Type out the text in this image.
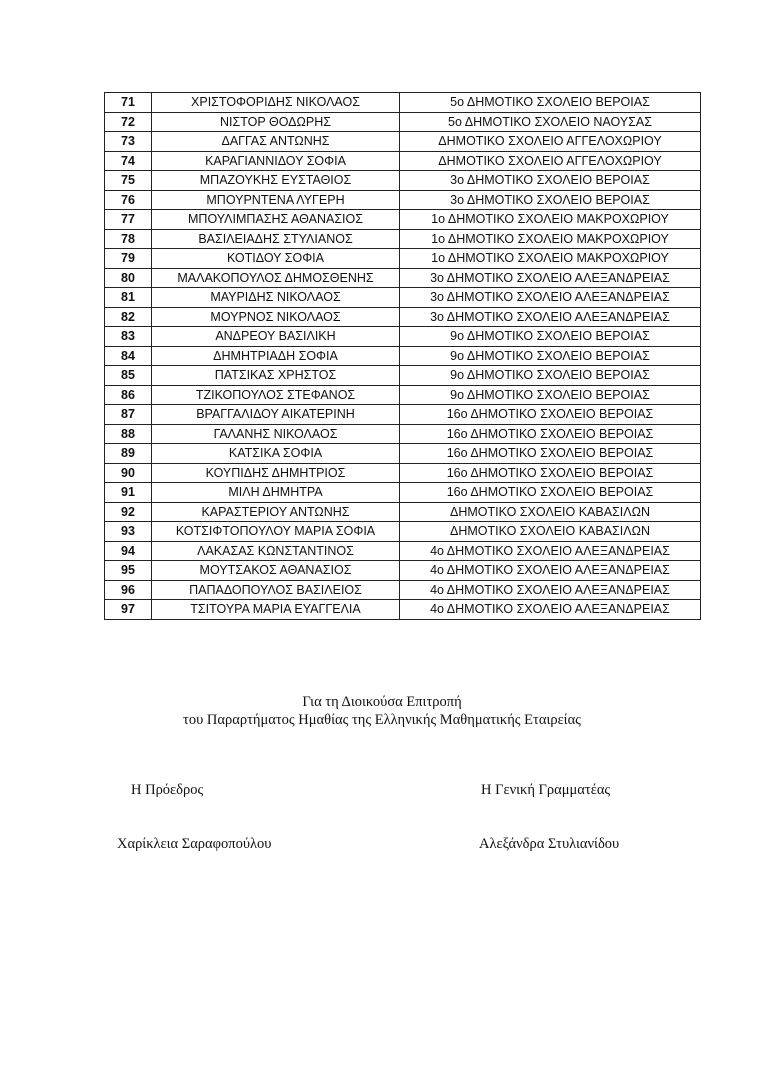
71	ΧΡΙΣΤΟΦΟΡΙΔΗΣ ΝΙΚΟΛΑΟΣ	5ο ΔΗΜΟΤΙΚΟ ΣΧΟΛΕΙΟ ΒΕΡΟΙΑΣ
72	ΝΙΣΤΟΡ ΘΟΔΩΡΗΣ	5ο ΔΗΜΟΤΙΚΟ ΣΧΟΛΕΙΟ ΝΑΟΥΣΑΣ
73	ΔΑΓΓΑΣ ΑΝΤΩΝΗΣ	ΔΗΜΟΤΙΚΟ ΣΧΟΛΕΙΟ ΑΓΓΕΛΟΧΩΡΙΟΥ
74	ΚΑΡΑΓΙΑΝΝΙΔΟΥ ΣΟΦΙΑ	ΔΗΜΟΤΙΚΟ ΣΧΟΛΕΙΟ ΑΓΓΕΛΟΧΩΡΙΟΥ
75	ΜΠΑΖΟΥΚΗΣ ΕΥΣΤΑΘΙΟΣ	3ο ΔΗΜΟΤΙΚΟ ΣΧΟΛΕΙΟ ΒΕΡΟΙΑΣ
76	ΜΠΟΥΡΝΤΕΝΑ ΛΥΓΕΡΗ	3ο ΔΗΜΟΤΙΚΟ ΣΧΟΛΕΙΟ ΒΕΡΟΙΑΣ
77	ΜΠΟΥΛΙΜΠΑΣΗΣ ΑΘΑΝΑΣΙΟΣ	1ο ΔΗΜΟΤΙΚΟ ΣΧΟΛΕΙΟ ΜΑΚΡΟΧΩΡΙΟΥ
78	ΒΑΣΙΛΕΙΑΔΗΣ ΣΤΥΛΙΑΝΟΣ	1ο ΔΗΜΟΤΙΚΟ ΣΧΟΛΕΙΟ ΜΑΚΡΟΧΩΡΙΟΥ
79	ΚΟΤΙΔΟΥ ΣΟΦΙΑ	1ο ΔΗΜΟΤΙΚΟ ΣΧΟΛΕΙΟ ΜΑΚΡΟΧΩΡΙΟΥ
80	ΜΑΛΑΚΟΠΟΥΛΟΣ ΔΗΜΟΣΘΕΝΗΣ	3ο ΔΗΜΟΤΙΚΟ ΣΧΟΛΕΙΟ ΑΛΕΞΑΝΔΡΕΙΑΣ
81	ΜΑΥΡΙΔΗΣ ΝΙΚΟΛΑΟΣ	3ο ΔΗΜΟΤΙΚΟ ΣΧΟΛΕΙΟ ΑΛΕΞΑΝΔΡΕΙΑΣ
82	ΜΟΥΡΝΟΣ ΝΙΚΟΛΑΟΣ	3ο ΔΗΜΟΤΙΚΟ ΣΧΟΛΕΙΟ ΑΛΕΞΑΝΔΡΕΙΑΣ
83	ΑΝΔΡΕΟΥ ΒΑΣΙΛΙΚΗ	9ο ΔΗΜΟΤΙΚΟ ΣΧΟΛΕΙΟ ΒΕΡΟΙΑΣ
84	ΔΗΜΗΤΡΙΑΔΗ ΣΟΦΙΑ	9ο ΔΗΜΟΤΙΚΟ ΣΧΟΛΕΙΟ ΒΕΡΟΙΑΣ
85	ΠΑΤΣΙΚΑΣ ΧΡΗΣΤΟΣ	9ο ΔΗΜΟΤΙΚΟ ΣΧΟΛΕΙΟ ΒΕΡΟΙΑΣ
86	ΤΖΙΚΟΠΟΥΛΟΣ ΣΤΕΦΑΝΟΣ	9ο ΔΗΜΟΤΙΚΟ ΣΧΟΛΕΙΟ ΒΕΡΟΙΑΣ
87	ΒΡΑΓΓΑΛΙΔΟΥ ΑΙΚΑΤΕΡΙΝΗ	16ο ΔΗΜΟΤΙΚΟ ΣΧΟΛΕΙΟ ΒΕΡΟΙΑΣ
88	ΓΑΛΑΝΗΣ ΝΙΚΟΛΑΟΣ	16ο ΔΗΜΟΤΙΚΟ ΣΧΟΛΕΙΟ ΒΕΡΟΙΑΣ
89	ΚΑΤΣΙΚΑ ΣΟΦΙΑ	16ο ΔΗΜΟΤΙΚΟ ΣΧΟΛΕΙΟ ΒΕΡΟΙΑΣ
90	ΚΟΥΠΙΔΗΣ ΔΗΜΗΤΡΙΟΣ	16ο ΔΗΜΟΤΙΚΟ ΣΧΟΛΕΙΟ ΒΕΡΟΙΑΣ
91	ΜΙΛΗ ΔΗΜΗΤΡΑ	16ο ΔΗΜΟΤΙΚΟ ΣΧΟΛΕΙΟ ΒΕΡΟΙΑΣ
92	ΚΑΡΑΣΤΕΡΙΟΥ ΑΝΤΩΝΗΣ	ΔΗΜΟΤΙΚΟ ΣΧΟΛΕΙΟ ΚΑΒΑΣΙΛΩΝ
93	ΚΟΤΣΙΦΤΟΠΟΥΛΟΥ ΜΑΡΙΑ ΣΟΦΙΑ	ΔΗΜΟΤΙΚΟ ΣΧΟΛΕΙΟ ΚΑΒΑΣΙΛΩΝ
94	ΛΑΚΑΣΑΣ ΚΩΝΣΤΑΝΤΙΝΟΣ	4ο ΔΗΜΟΤΙΚΟ ΣΧΟΛΕΙΟ ΑΛΕΞΑΝΔΡΕΙΑΣ
95	ΜΟΥΤΣΑΚΟΣ ΑΘΑΝΑΣΙΟΣ	4ο ΔΗΜΟΤΙΚΟ ΣΧΟΛΕΙΟ ΑΛΕΞΑΝΔΡΕΙΑΣ
96	ΠΑΠΑΔΟΠΟΥΛΟΣ ΒΑΣΙΛΕΙΟΣ	4ο ΔΗΜΟΤΙΚΟ ΣΧΟΛΕΙΟ ΑΛΕΞΑΝΔΡΕΙΑΣ
97	ΤΣΙΤΟΥΡΑ ΜΑΡΙΑ ΕΥΑΓΓΕΛΙΑ	4ο ΔΗΜΟΤΙΚΟ ΣΧΟΛΕΙΟ ΑΛΕΞΑΝΔΡΕΙΑΣ
Για τη Διοικούσα Επιτροπή
του Παραρτήματος Ημαθίας της Ελληνικής Μαθηματικής Εταιρείας
Η Πρόεδρος	Η Γενική Γραμματέας
Χαρίκλεια Σαραφοπούλου	Αλεξάνδρα Στυλιανίδου
